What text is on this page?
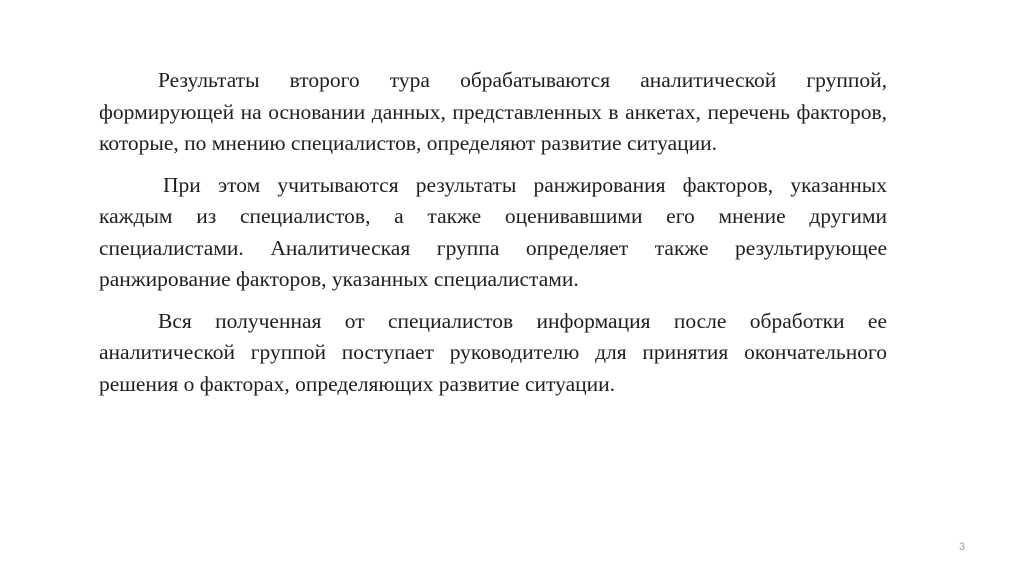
Результаты второго тура обрабатываются аналитической группой, формирующей на основании данных, представленных в анкетах, перечень факторов, которые, по мнению специалистов, определяют развитие ситуации.

При этом учитываются результаты ранжирования факторов, указанных каждым из специалистов, а также оценивавшими его мнение другими специалистами. Аналитическая группа определяет также результирующее ранжирование факторов, указанных специалистами.

Вся полученная от специалистов информация после обработки ее аналитической группой поступает руководителю для принятия окончательного решения о факторах, определяющих развитие ситуации.

3
